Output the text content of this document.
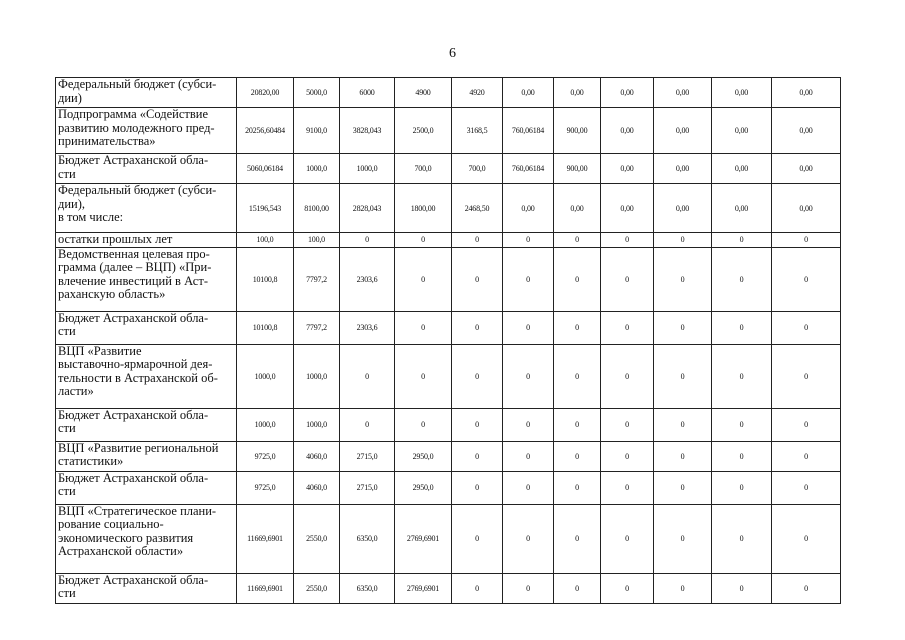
6
Федеральный бюджет (субси-
дии)	20820,00	5000,0	6000	4900	4920	0,00	0,00	0,00	0,00	0,00	0,00
Подпрограмма «Содействие
развитию молодежного пред-
принимательства»	20256,60484	9100,0	3828,043	2500,0	3168,5	760,06184	900,00	0,00	0,00	0,00	0,00
Бюджет Астраханской обла-
сти	5060,06184	1000,0	1000,0	700,0	700,0	760,06184	900,00	0,00	0,00	0,00	0,00
Федеральный бюджет (субси-
дии),
в том числе:	15196,543	8100,00	2828,043	1800,00	2468,50	0,00	0,00	0,00	0,00	0,00	0,00
остатки прошлых лет	100,0	100,0	0	0	0	0	0	0	0	0	0
Ведомственная целевая про-
грамма (далее – ВЦП) «При-
влечение инвестиций в Аст-
раханскую область»	10100,8	7797,2	2303,6	0	0	0	0	0	0	0	0
Бюджет Астраханской обла-
сти	10100,8	7797,2	2303,6	0	0	0	0	0	0	0	0
ВЦП «Развитие
выставочно-ярмарочной дея-
тельности в Астраханской об-
ласти»	1000,0	1000,0	0	0	0	0	0	0	0	0	0
Бюджет Астраханской обла-
сти	1000,0	1000,0	0	0	0	0	0	0	0	0	0
ВЦП «Развитие региональной
статистики»	9725,0	4060,0	2715,0	2950,0	0	0	0	0	0	0	0
Бюджет Астраханской обла-
сти	9725,0	4060,0	2715,0	2950,0	0	0	0	0	0	0	0
ВЦП «Стратегическое плани-
рование социально-
экономического развития
Астраханской области»	11669,6901	2550,0	6350,0	2769,6901	0	0	0	0	0	0	0
Бюджет Астраханской обла-
сти	11669,6901	2550,0	6350,0	2769,6901	0	0	0	0	0	0	0
